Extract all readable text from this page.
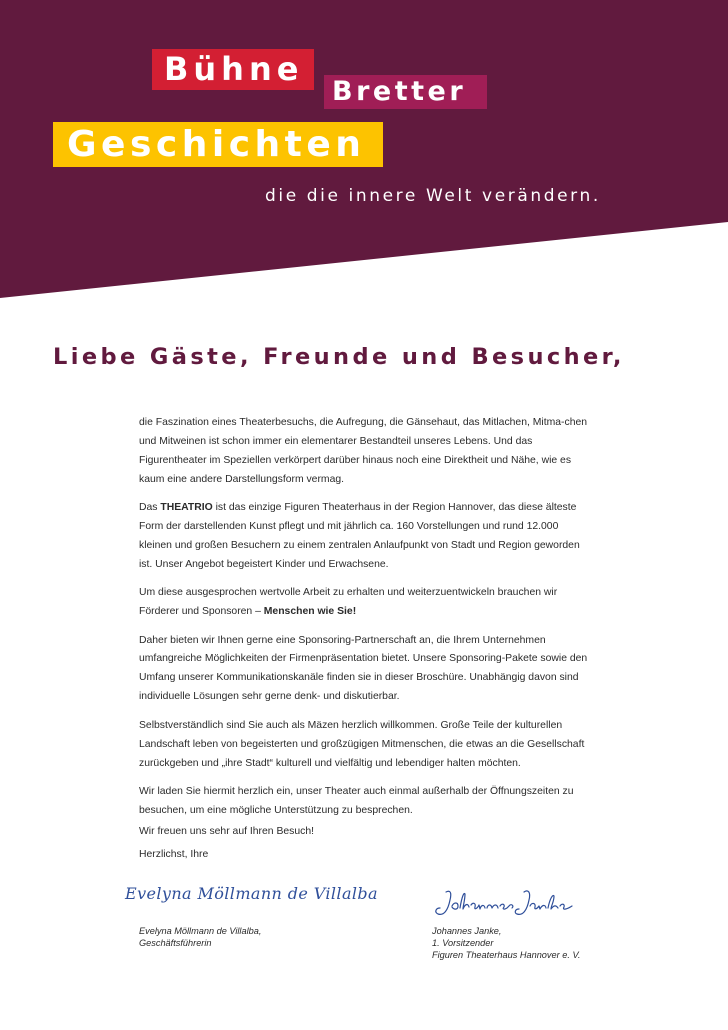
Bühne
Bretter
Geschichten
die die innere Welt verändern.
Liebe Gäste, Freunde und Besucher,

die Faszination eines Theaterbesuchs, die Aufregung, die Gänsehaut, das Mitlachen, Mitma-chen und Mitweinen ist schon immer ein elementarer Bestandteil unseres Lebens. Und das Figurentheater im Speziellen verkörpert darüber hinaus noch eine Direktheit und Nähe, wie es kaum eine andere Darstellungsform vermag.

Das THEATRIO ist das einzige Figuren Theaterhaus in der Region Hannover, das diese älteste Form der darstellenden Kunst pflegt und mit jährlich ca. 160 Vorstellungen und rund 12.000 kleinen und großen Besuchern zu einem zentralen Anlaufpunkt von Stadt und Region geworden ist. Unser Angebot begeistert Kinder und Erwachsene.

Um diese ausgesprochen wertvolle Arbeit zu erhalten und weiterzuentwickeln brauchen wir Förderer und Sponsoren – Menschen wie Sie!

Daher bieten wir Ihnen gerne eine Sponsoring-Partnerschaft an, die Ihrem Unternehmen umfangreiche Möglichkeiten der Firmenpräsentation bietet. Unsere Sponsoring-Pakete sowie den Umfang unserer Kommunikationskanäle finden sie in dieser Broschüre. Unabhängig davon sind individuelle Lösungen sehr gerne denk- und diskutierbar.

Selbstverständlich sind Sie auch als Mäzen herzlich willkommen. Große Teile der kulturellen Landschaft leben von begeisterten und großzügigen Mitmenschen, die etwas an die Gesellschaft zurückgeben und „ihre Stadt“ kulturell und vielfältig und lebendiger halten möchten.

Wir laden Sie hiermit herzlich ein, unser Theater auch einmal außerhalb der Öffnungszeiten zu besuchen, um eine mögliche Unterstützung zu besprechen.

Wir freuen uns sehr auf Ihren Besuch!

Herzlichst, Ihre

Evelyna Möllmann de Villalba
Evelyna Möllmann de Villalba,
Geschäftsführerin
Johannes Janke,
1. Vorsitzender
Figuren Theaterhaus Hannover e. V.
